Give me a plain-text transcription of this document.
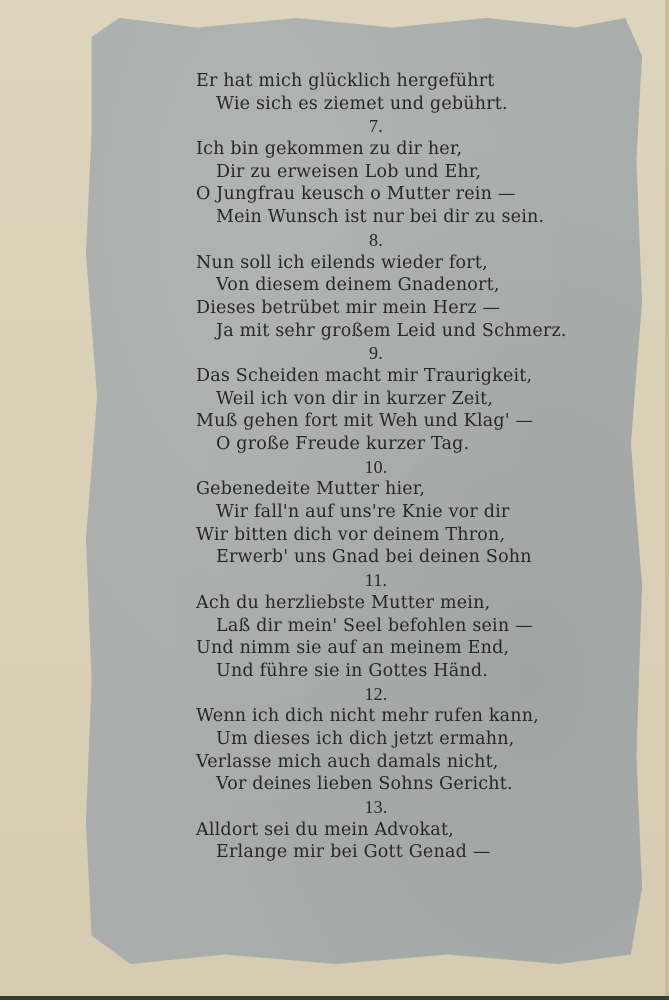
Er hat mich glücklich hergeführt
Wie sich es ziemet und gebührt.
7.
Ich bin gekommen zu dir her,
Dir zu erweisen Lob und Ehr,
O Jungfrau keusch o Mutter rein —
Mein Wunsch ist nur bei dir zu sein.
8.
Nun soll ich eilends wieder fort,
Von diesem deinem Gnadenort,
Dieses betrübet mir mein Herz —
Ja mit sehr großem Leid und Schmerz.
9.
Das Scheiden macht mir Traurigkeit,
Weil ich von dir in kurzer Zeit,
Muß gehen fort mit Weh und Klag' —
O große Freude kurzer Tag.
10.
Gebenedeite Mutter hier,
Wir fall'n auf uns're Knie vor dir
Wir bitten dich vor deinem Thron,
Erwerb' uns Gnad bei deinen Sohn
11.
Ach du herzliebste Mutter mein,
Laß dir mein' Seel befohlen sein —
Und nimm sie auf an meinem End,
Und führe sie in Gottes Händ.
12.
Wenn ich dich nicht mehr rufen kann,
Um dieses ich dich jetzt ermahn,
Verlasse mich auch damals nicht,
Vor deines lieben Sohns Gericht.
13.
Alldort sei du mein Advokat,
Erlange mir bei Gott Genad —
